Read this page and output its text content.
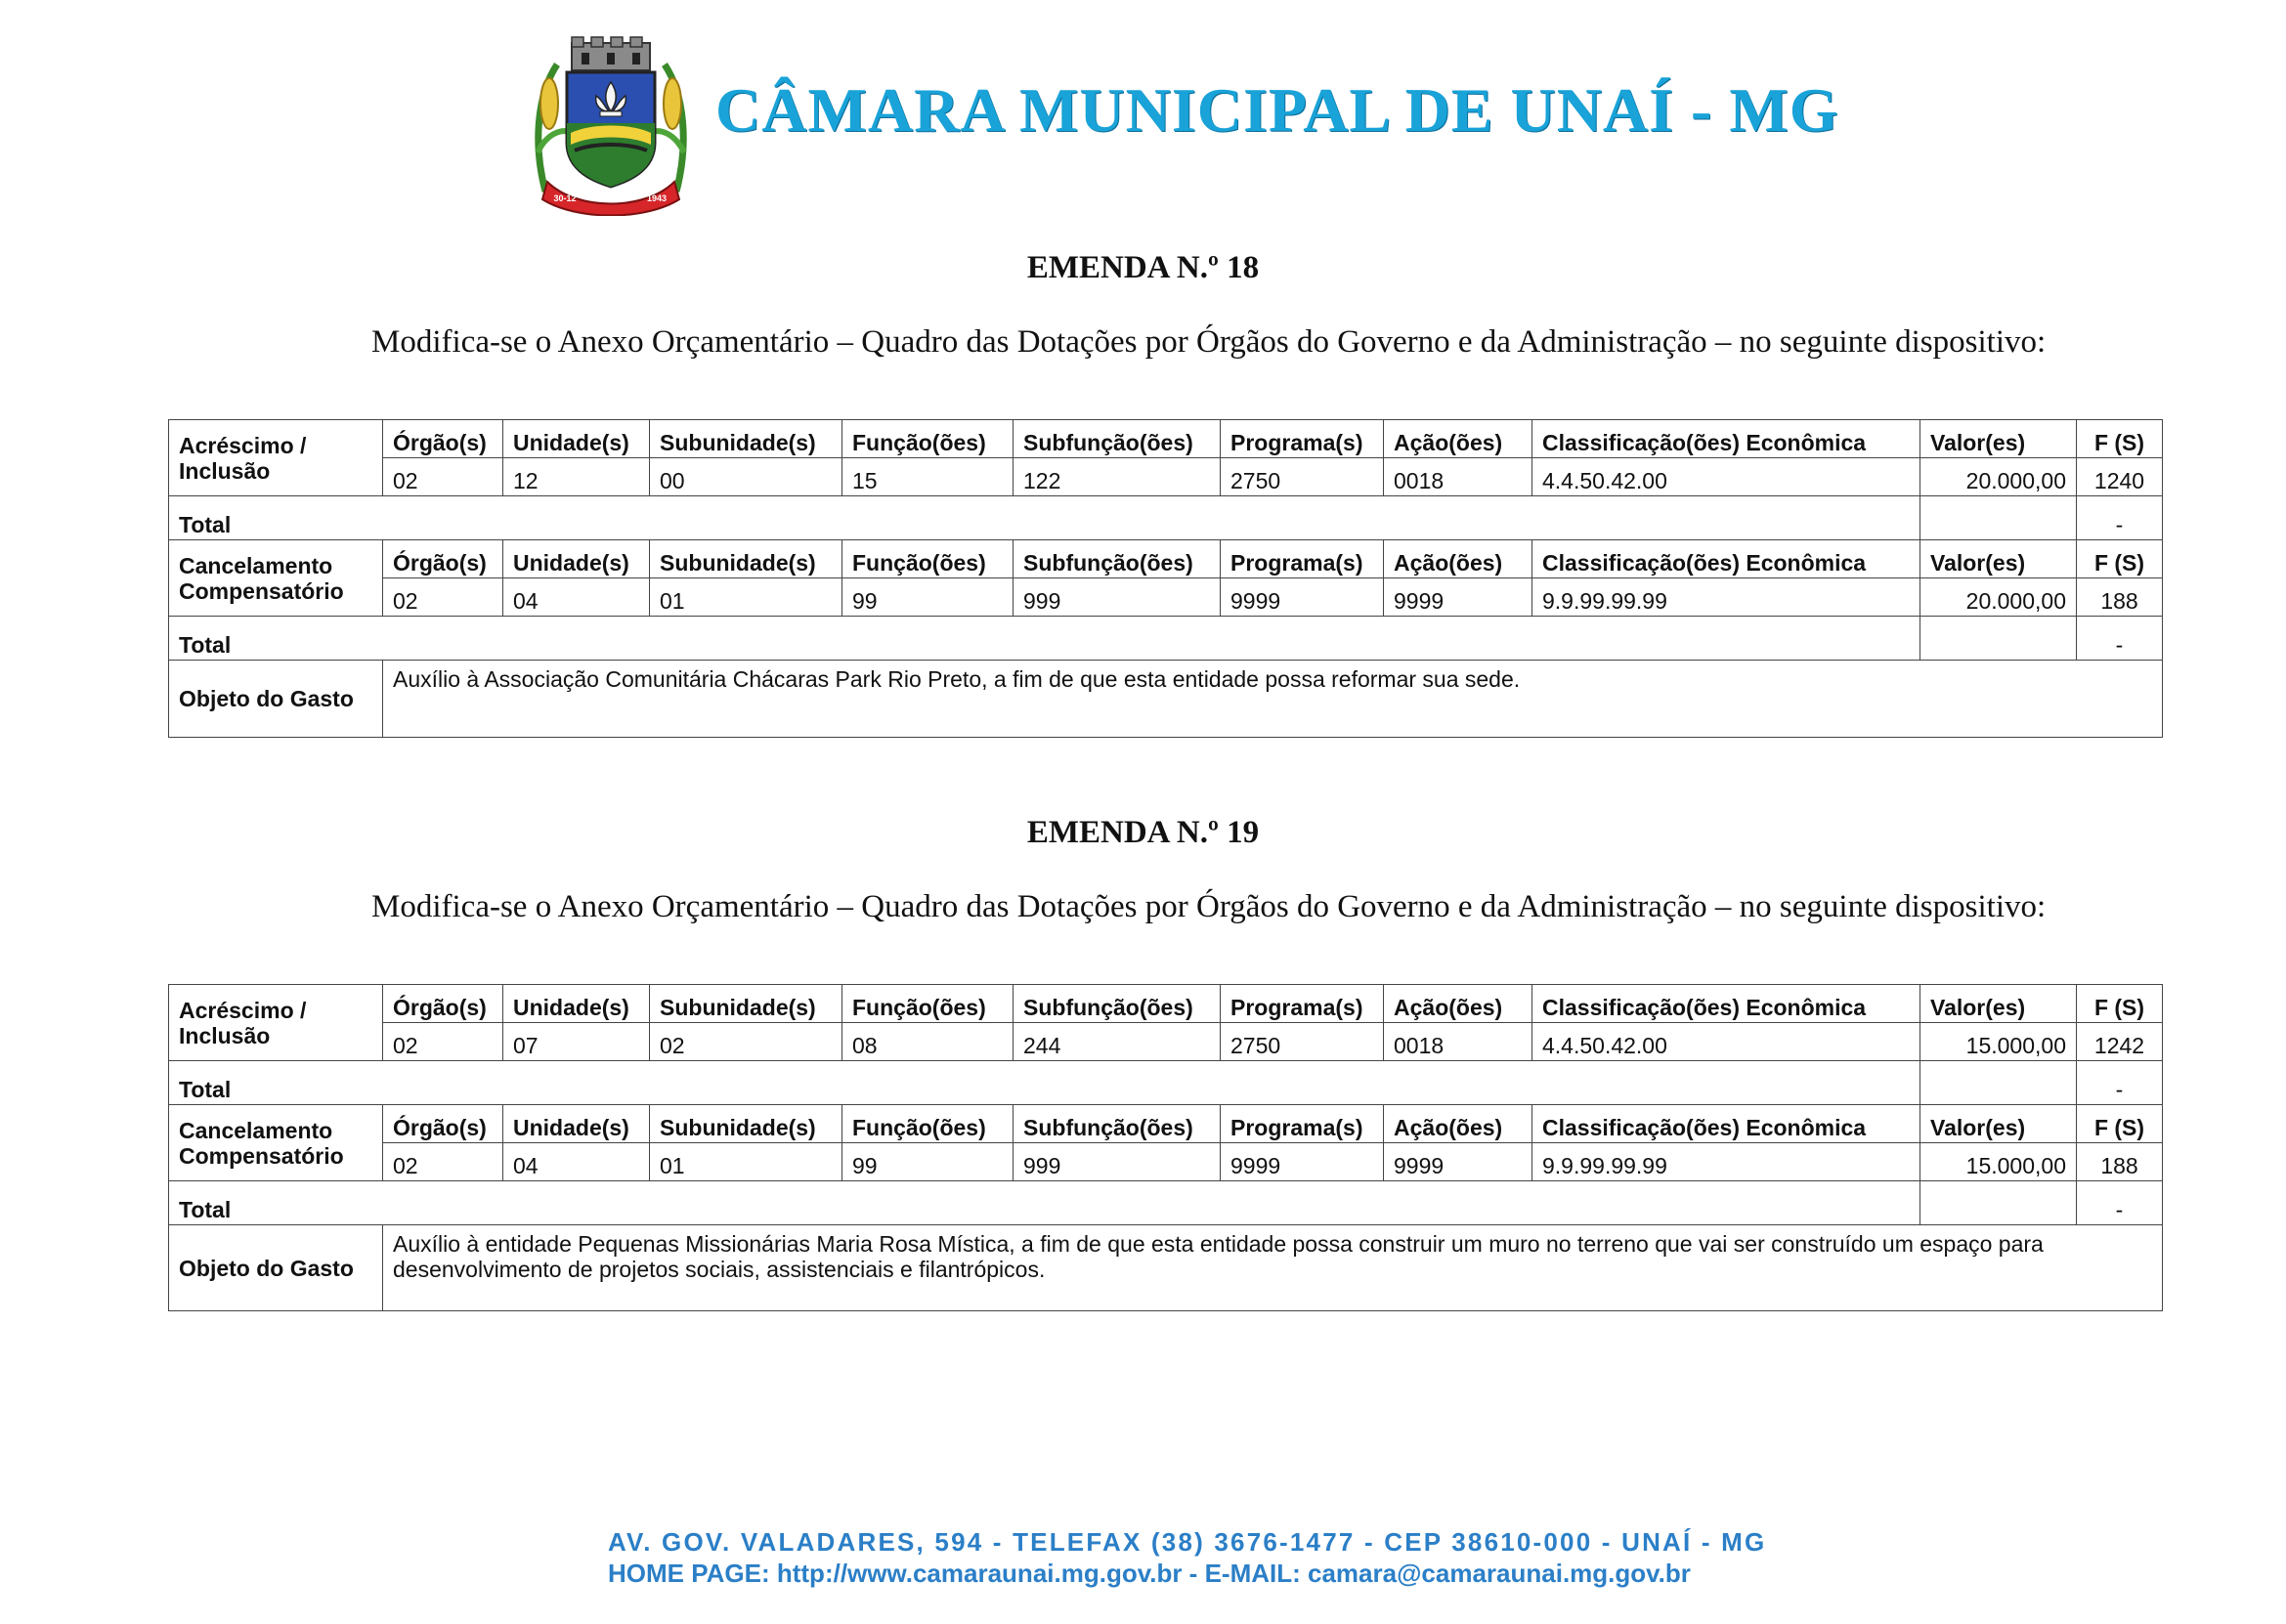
UNAÍ
30-12	1943
CÂMARA MUNICIPAL DE UNAÍ - MG
EMENDA N.º 18
Modifica-se o Anexo Orçamentário – Quadro das Dotações por Órgãos do Governo e da Administração – no seguinte dispositivo:
Acréscimo / Inclusão	Órgão(s)	Unidade(s)	Subunidade(s)	Função(ões)	Subfunção(ões)	Programa(s)	Ação(ões)	Classificação(ões) Econômica	Valor(es)	F (S)
	02	12	00	15	122	2750	0018	4.4.50.42.00	20.000,00	1240
Total										-
Cancelamento Compensatório	Órgão(s)	Unidade(s)	Subunidade(s)	Função(ões)	Subfunção(ões)	Programa(s)	Ação(ões)	Classificação(ões) Econômica	Valor(es)	F (S)
	02	04	01	99	999	9999	9999	9.9.99.99.99	20.000,00	188
Total										-
Objeto do Gasto	Auxílio à Associação Comunitária Chácaras Park Rio Preto, a fim de que esta entidade possa reformar sua sede.									
EMENDA N.º 19
Modifica-se o Anexo Orçamentário – Quadro das Dotações por Órgãos do Governo e da Administração – no seguinte dispositivo:
Acréscimo / Inclusão	Órgão(s)	Unidade(s)	Subunidade(s)	Função(ões)	Subfunção(ões)	Programa(s)	Ação(ões)	Classificação(ões) Econômica	Valor(es)	F (S)
	02	07	02	08	244	2750	0018	4.4.50.42.00	15.000,00	1242
Total										-
Cancelamento Compensatório	Órgão(s)	Unidade(s)	Subunidade(s)	Função(ões)	Subfunção(ões)	Programa(s)	Ação(ões)	Classificação(ões) Econômica	Valor(es)	F (S)
	02	04	01	99	999	9999	9999	9.9.99.99.99	15.000,00	188
Total										-
Objeto do Gasto	Auxílio à entidade Pequenas Missionárias Maria Rosa Mística, a fim de que esta entidade possa construir um muro no terreno que vai ser construído um espaço para desenvolvimento de projetos sociais, assistenciais e filantrópicos.									
AV. GOV. VALADARES, 594 - TELEFAX (38) 3676-1477 - CEP 38610-000 - UNAÍ - MG
HOME PAGE: http://www.camaraunai.mg.gov.br - E-MAIL: camara@camaraunai.mg.gov.br
